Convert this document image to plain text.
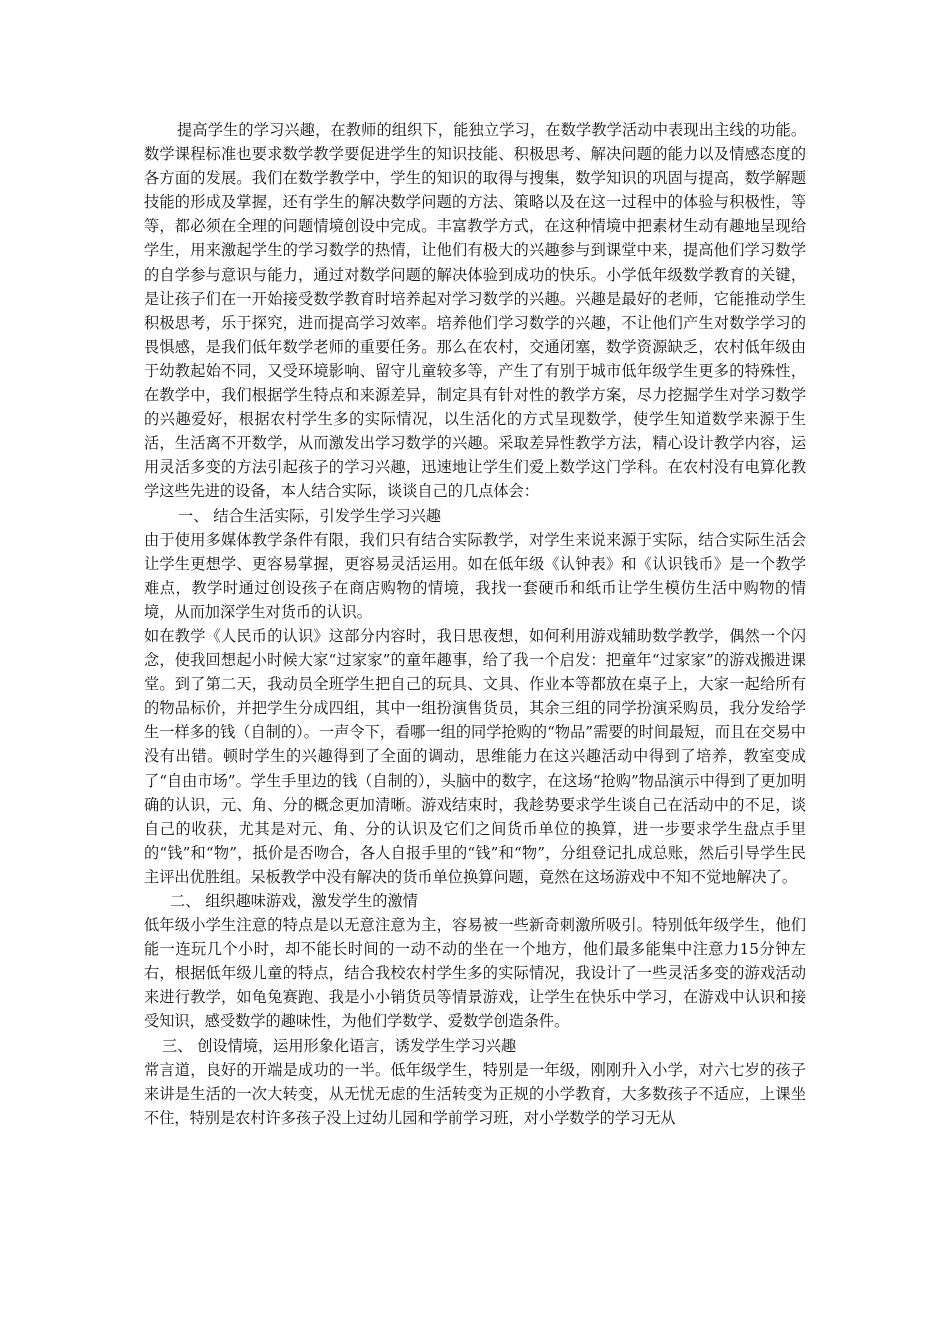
提高学生的学习兴趣，在教师的组织下，能独立学习，在数学教学活动中表现出主线的功能。数学课程标准也要求数学教学要促进学生的知识技能、积极思考、解决问题的能力以及情感态度的各方面的发展。我们在数学教学中，学生的知识的取得与搜集，数学知识的巩固与提高，数学解题技能的形成及掌握，还有学生的解决数学问题的方法、策略以及在这一过程中的体验与积极性，等等，都必须在全理的问题情境创设中完成。丰富教学方式，在这种情境中把素材生动有趣地呈现给学生，用来激起学生的学习数学的热情，让他们有极大的兴趣参与到课堂中来，提高他们学习数学的自学参与意识与能力，通过对数学问题的解决体验到成功的快乐。小学低年级数学教育的关键，是让孩子们在一开始接受数学教育时培养起对学习数学的兴趣。兴趣是最好的老师，它能推动学生积极思考，乐于探究，进而提高学习效率。培养他们学习数学的兴趣，不让他们产生对数学学习的畏惧感，是我们低年数学老师的重要任务。那么在农村，交通闭塞，数学资源缺乏，农村低年级由于幼教起始不同，又受环境影响、留守儿童较多等，产生了有别于城市低年级学生更多的特殊性，在教学中，我们根据学生特点和来源差异，制定具有针对性的教学方案，尽力挖掘学生对学习数学的兴趣爱好，根据农村学生多的实际情况，以生活化的方式呈现数学，使学生知道数学来源于生活，生活离不开数学，从而激发出学习数学的兴趣。采取差异性教学方法，精心设计教学内容，运用灵活多变的方法引起孩子的学习兴趣，迅速地让学生们爱上数学这门学科。在农村没有电算化教学这些先进的设备，本人结合实际，谈谈自己的几点体会：

一、 结合生活实际，引发学生学习兴趣

由于使用多媒体教学条件有限，我们只有结合实际教学，对学生来说来源于实际，结合实际生活会让学生更想学、更容易掌握，更容易灵活运用。如在低年级《认钟表》和《认识钱币》是一个教学难点，教学时通过创设孩子在商店购物的情境，我找一套硬币和纸币让学生模仿生活中购物的情境，从而加深学生对货币的认识。

如在教学《人民币的认识》这部分内容时，我日思夜想，如何利用游戏辅助数学教学，偶然一个闪念，使我回想起小时候大家“过家家”的童年趣事，给了我一个启发：把童年“过家家”的游戏搬进课堂。到了第二天，我动员全班学生把自己的玩具、文具、作业本等都放在桌子上，大家一起给所有的物品标价，并把学生分成四组，其中一组扮演售货员，其余三组的同学扮演采购员，我分发给学生一样多的钱（自制的）。一声令下，看哪一组的同学抢购的“物品”需要的时间最短，而且在交易中没有出错。顿时学生的兴趣得到了全面的调动，思维能力在这兴趣活动中得到了培养，教室变成了“自由市场”。学生手里边的钱（自制的），头脑中的数字，在这场“抢购”物品演示中得到了更加明确的认识，元、角、分的概念更加清晰。游戏结束时，我趁势要求学生谈自己在活动中的不足，谈自己的收获，尤其是对元、角、分的认识及它们之间货币单位的换算，进一步要求学生盘点手里的“钱”和“物”，抵价是否吻合，各人自报手里的“钱”和“物”，分组登记扎成总账，然后引导学生民主评出优胜组。呆板教学中没有解决的货币单位换算问题，竟然在这场游戏中不知不觉地解决了。

二、 组织趣味游戏，激发学生的激情

低年级小学生注意的特点是以无意注意为主，容易被一些新奇刺激所吸引。特别低年级学生，他们能一连玩几个小时，却不能长时间的一动不动的坐在一个地方，他们最多能集中注意力15分钟左右，根据低年级儿童的特点，结合我校农村学生多的实际情况，我设计了一些灵活多变的游戏活动来进行教学，如龟兔赛跑、我是小小销货员等情景游戏，让学生在快乐中学习，在游戏中认识和接受知识，感受数学的趣味性，为他们学数学、爱数学创造条件。

三、 创设情境，运用形象化语言，诱发学生学习兴趣

常言道，良好的开端是成功的一半。低年级学生，特别是一年级，刚刚升入小学，对六七岁的孩子来讲是生活的一次大转变，从无忧无虑的生活转变为正规的小学教育，大多数孩子不适应，上课坐不住，特别是农村许多孩子没上过幼儿园和学前学习班，对小学数学的学习无从
